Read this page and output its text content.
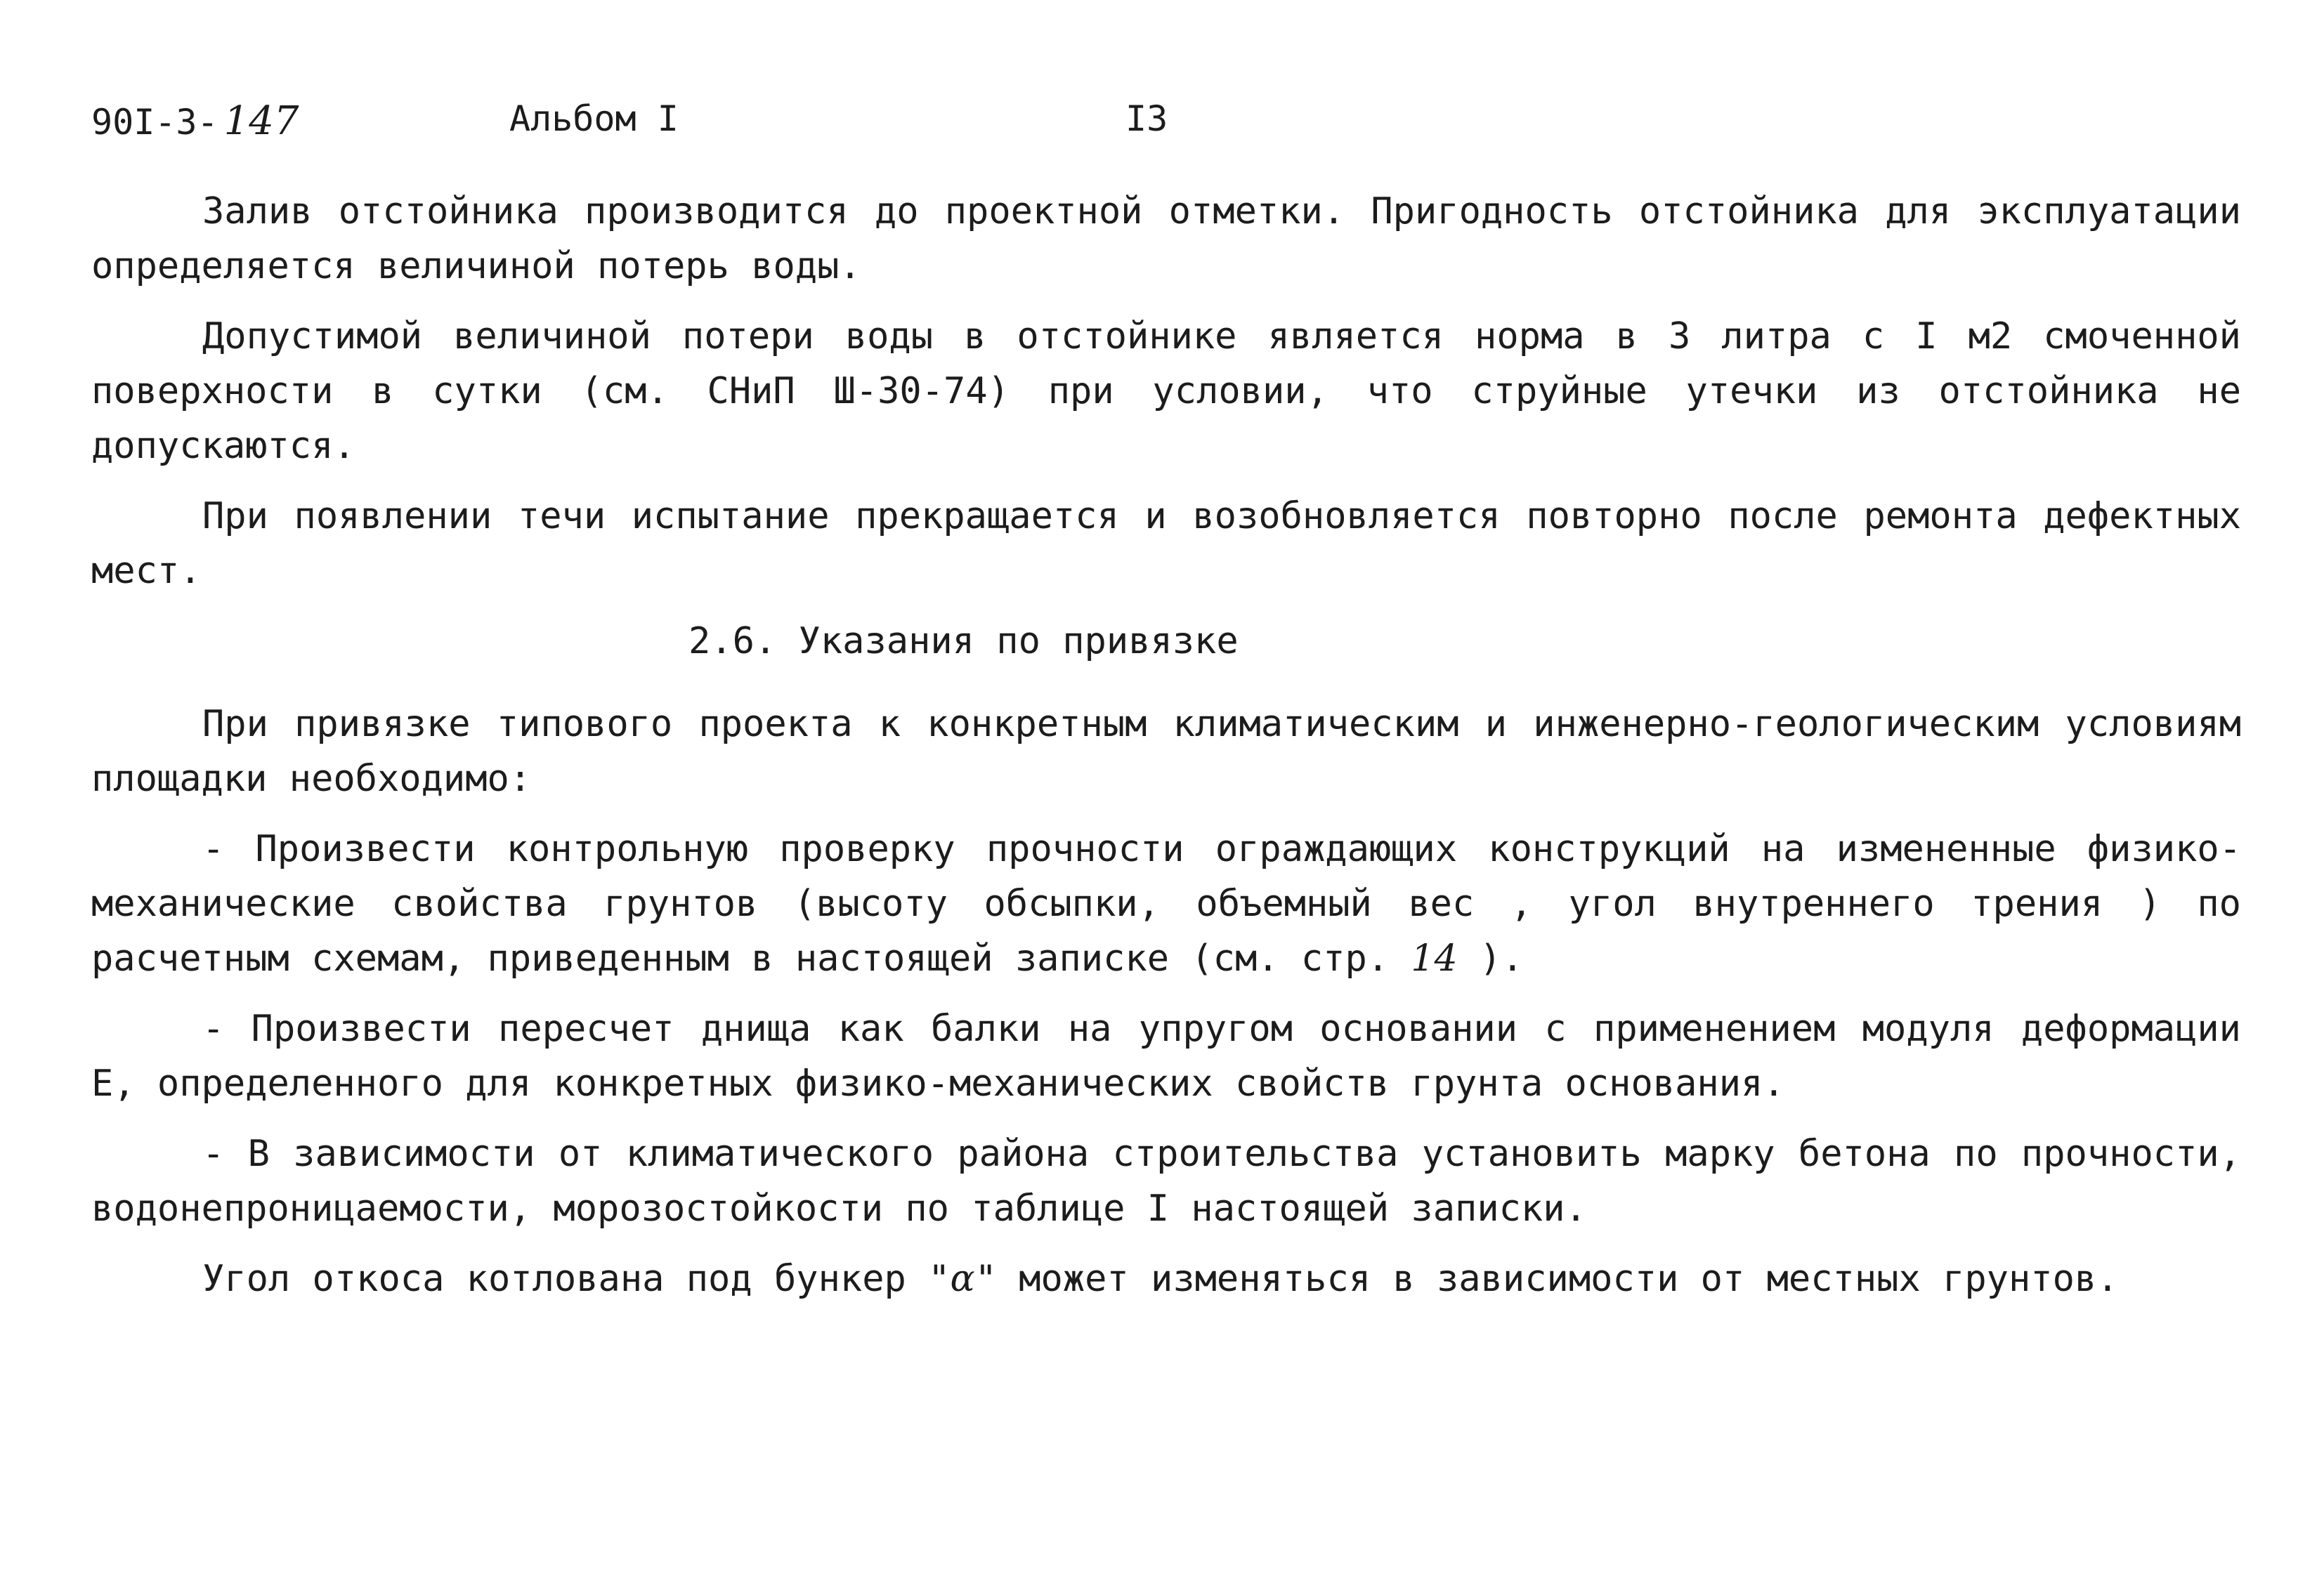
90I-3- 147	Альбом I	I3

Залив отстойника производится до проектной отметки. Пригодность отстойника для эксплуатации определяется величиной потерь воды.

Допустимой величиной потери воды в отстойнике является норма в 3 литра с I м2 смоченной поверхности в сутки (см. СНиП Ш-30-74) при условии, что струйные утечки из отстойника не допускаются.

При появлении течи испытание прекращается и возобновляется повторно после ремонта дефектных мест.

2.6. Указания по привязке

При привязке типового проекта к конкретным климатическим и инженерно-геологическим условиям площадки необходимо:

- Произвести контрольную проверку прочности ограждающих конструкций на измененные физико-механические свойства грунтов (высоту обсыпки, объемный вес , угол внутреннего трения ) по расчетным схемам, приведенным в настоящей записке (см. стр. 14 ).

- Произвести пересчет днища как балки на упругом основании с применением модуля деформации Е, определенного для конкретных физико-механических свойств грунта основания.

- В зависимости от климатического района строительства установить марку бетона по прочности, водонепроницаемости, морозостойкости по таблице I настоящей записки.

Угол откоса котлована под бункер "α" может изменяться в зависимости от местных грунтов.
